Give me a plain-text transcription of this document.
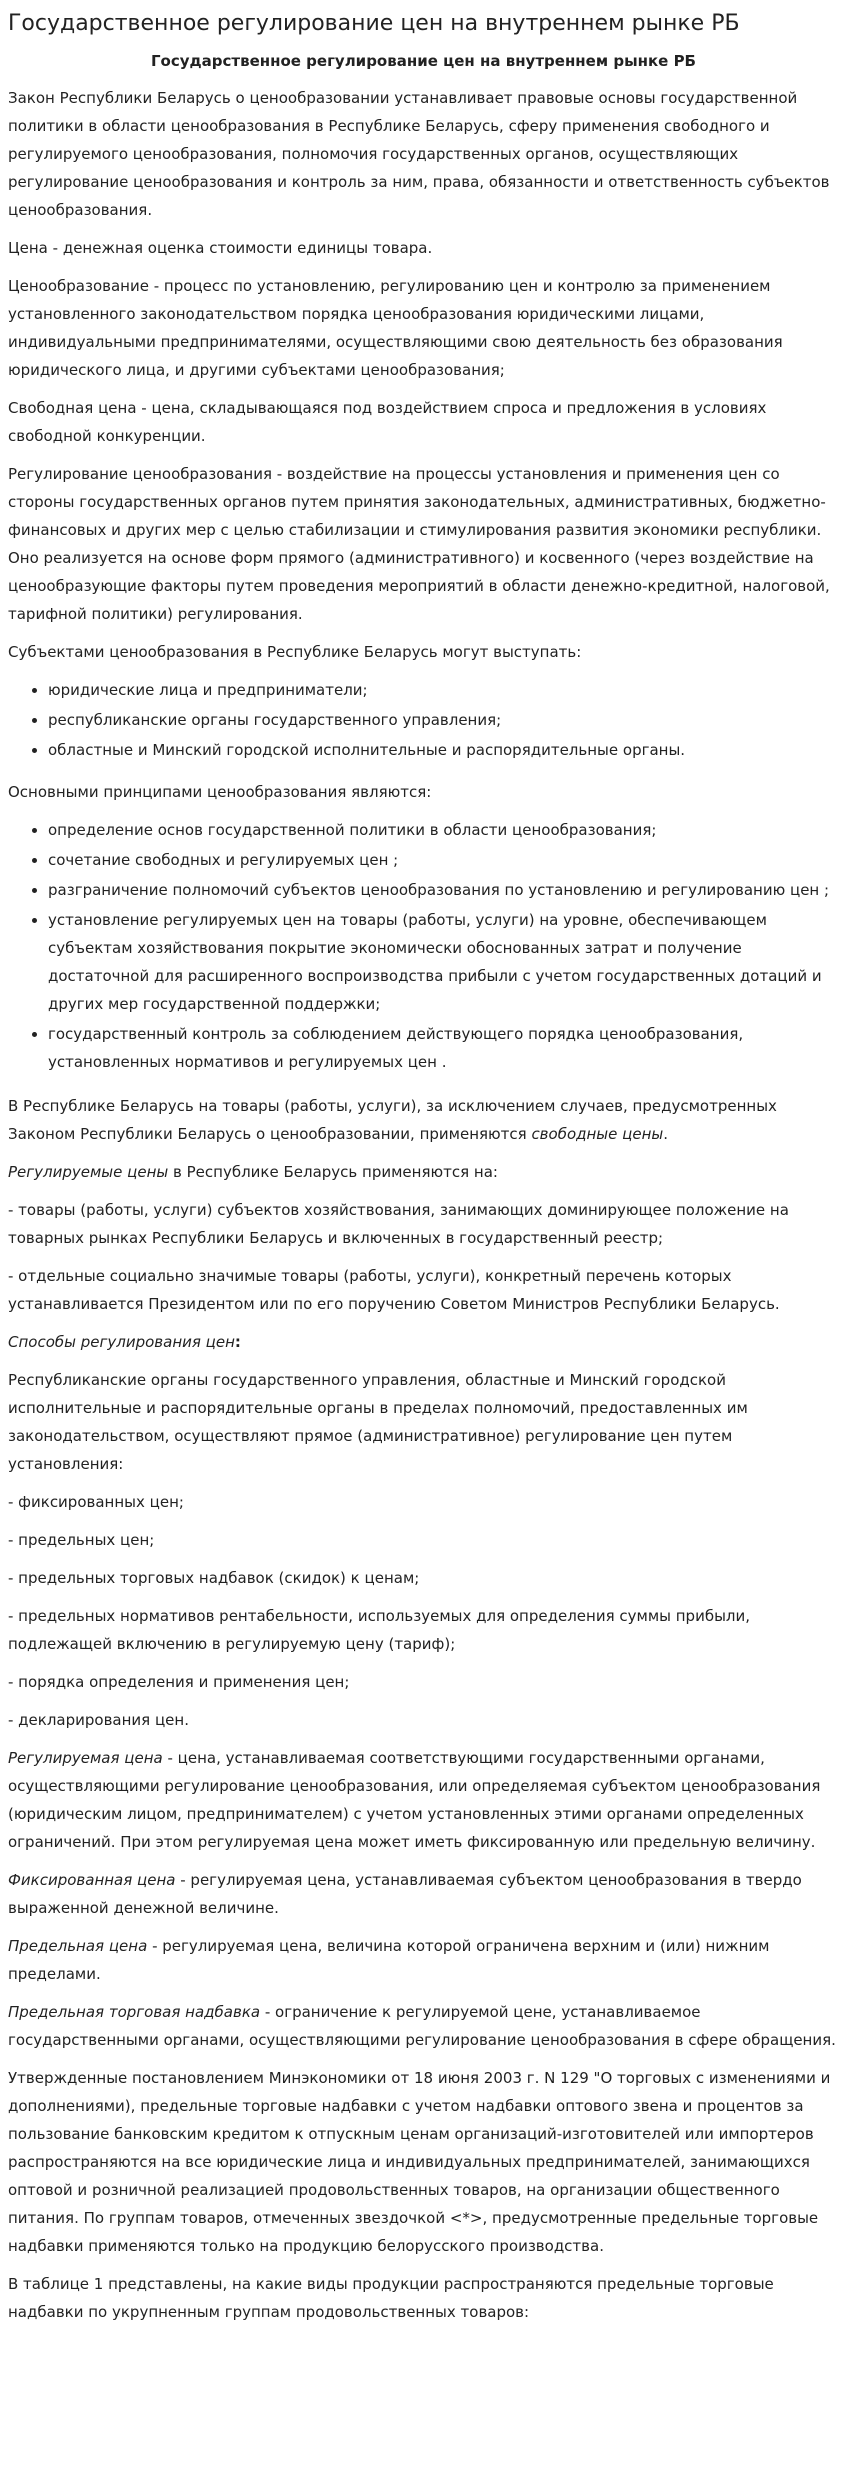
Государственное регулирование цен на внутреннем рынке РБ
Государственное регулирование цен на внутреннем рынке РБ

Закон Республики Беларусь о ценообразовании устанавливает правовые основы государственной политики в области ценообразования в Республике Беларусь, сферу применения свободного и регулируемого ценообразования, полномочия государственных органов, осуществляющих регулирование ценообразования и контроль за ним, права, обязанности и ответственность субъектов ценообразования.

Цена - денежная оценка стоимости единицы товара.

Ценообразование - процесс по установлению, регулированию цен и контролю за применением установленного законодательством порядка ценообразования юридическими лицами, индивидуальными предпринимателями, осуществляющими свою деятельность без образования юридического лица, и другими субъектами ценообразования;

Свободная цена - цена, складывающаяся под воздействием спроса и предложения в условиях свободной конкуренции.

Регулирование ценообразования - воздействие на процессы установления и применения цен со стороны государственных органов путем принятия законодательных, административных, бюджетно-финансовых и других мер с целью стабилизации и стимулирования развития экономики республики. Оно реализуется на основе форм прямого (административного) и косвенного (через воздействие на ценообразующие факторы путем проведения мероприятий в области денежно-кредитной, налоговой, тарифной политики) регулирования.

Субъектами ценообразования в Республике Беларусь могут выступать:

• юридические лица и предприниматели;
• республиканские органы государственного управления;
• областные и Минский городской исполнительные и распорядительные органы.

Основными принципами ценообразования являются:

• определение основ государственной политики в области ценообразования;
• сочетание свободных и регулируемых цен ;
• разграничение полномочий субъектов ценообразования по установлению и регулированию цен ;
• установление регулируемых цен на товары (работы, услуги) на уровне, обеспечивающем субъектам хозяйствования покрытие экономически обоснованных затрат и получение достаточной для расширенного воспроизводства прибыли с учетом государственных дотаций и других мер государственной поддержки;
• государственный контроль за соблюдением действующего порядка ценообразования, установленных нормативов и регулируемых цен .

В Республике Беларусь на товары (работы, услуги), за исключением случаев, предусмотренных Законом Республики Беларусь о ценообразовании, применяются свободные цены.

Регулируемые цены в Республике Беларусь применяются на:

- товары (работы, услуги) субъектов хозяйствования, занимающих доминирующее положение на товарных рынках Республики Беларусь и включенных в государственный реестр;

- отдельные социально значимые товары (работы, услуги), конкретный перечень которых устанавливается Президентом или по его поручению Советом Министров Республики Беларусь.

Способы регулирования цен:

Республиканские органы государственного управления, областные и Минский городской исполнительные и распорядительные органы в пределах полномочий, предоставленных им законодательством, осуществляют прямое (административное) регулирование цен путем установления:

- фиксированных цен;

- предельных цен;

- предельных торговых надбавок (скидок) к ценам;

- предельных нормативов рентабельности, используемых для определения суммы прибыли, подлежащей включению в регулируемую цену (тариф);

- порядка определения и применения цен;

- декларирования цен.

Регулируемая цена - цена, устанавливаемая соответствующими государственными органами, осуществляющими регулирование ценообразования, или определяемая субъектом ценообразования (юридическим лицом, предпринимателем) с учетом установленных этими органами определенных ограничений. При этом регулируемая цена может иметь фиксированную или предельную величину.

Фиксированная цена - регулируемая цена, устанавливаемая субъектом ценообразования в твердо выраженной денежной величине.

Предельная цена - регулируемая цена, величина которой ограничена верхним и (или) нижним пределами.

Предельная торговая надбавка - ограничение к регулируемой цене, устанавливаемое государственными органами, осуществляющими регулирование ценообразования в сфере обращения.

Утвержденные постановлением Минэкономики от 18 июня 2003 г. N 129 "О торговых с изменениями и дополнениями), предельные торговые надбавки с учетом надбавки оптового звена и процентов за пользование банковским кредитом к отпускным ценам организаций-изготовителей или импортеров распространяются на все юридические лица и индивидуальных предпринимателей, занимающихся оптовой и розничной реализацией продовольственных товаров, на организации общественного питания. По группам товаров, отмеченных звездочкой <*>, предусмотренные предельные торговые надбавки применяются только на продукцию белорусского производства.

В таблице 1 представлены, на какие виды продукции распространяются предельные торговые надбавки по укрупненным группам продовольственных товаров:
